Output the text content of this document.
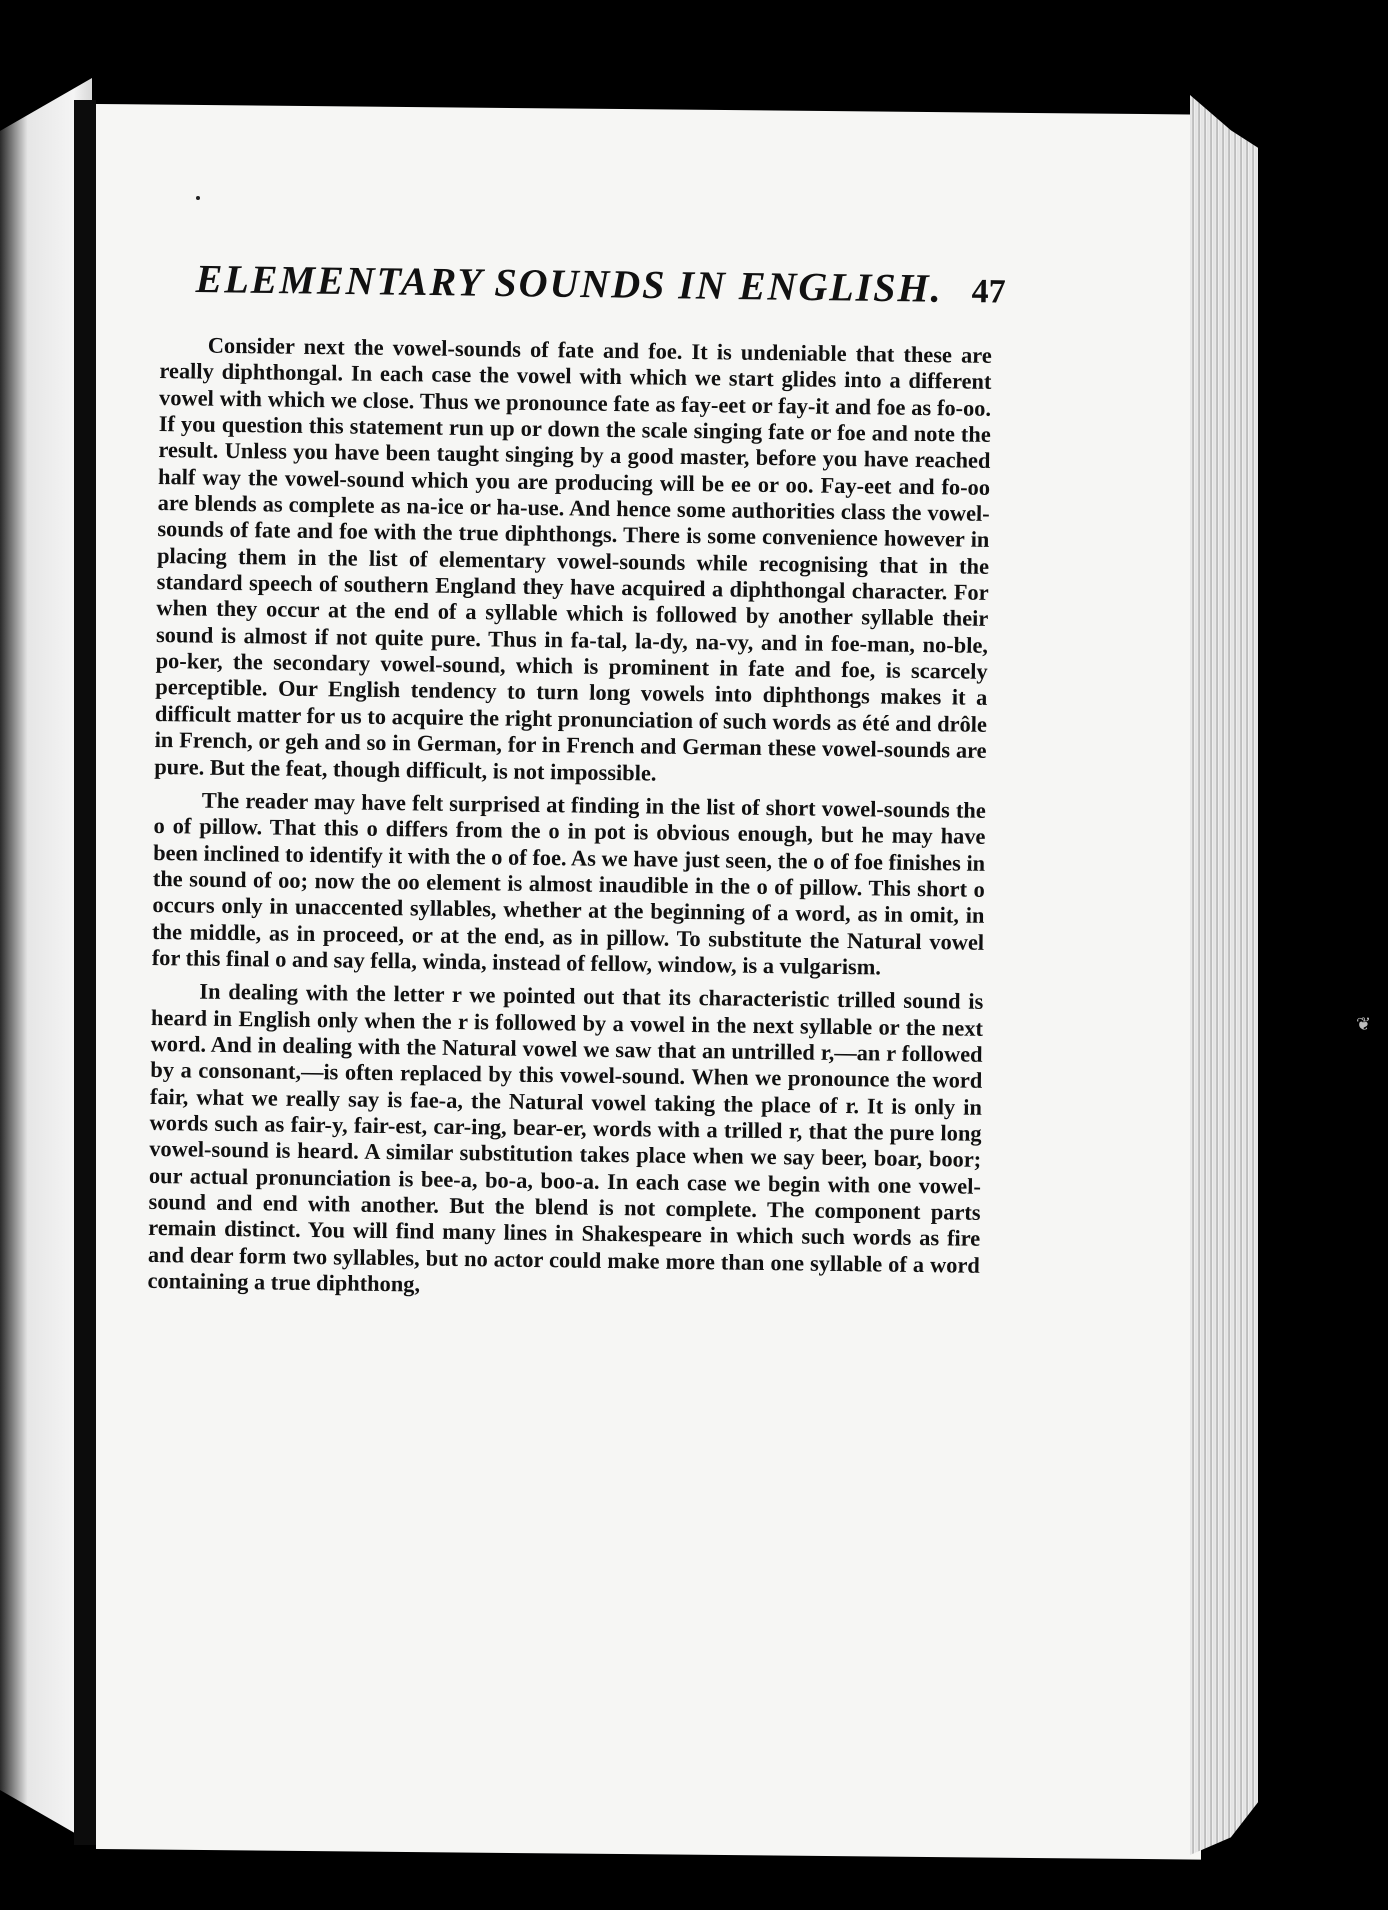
❦
ELEMENTARY SOUNDS IN ENGLISH. 47

Consider next the vowel-sounds of fate and foe. It is undeniable that these are really diphthongal. In each case the vowel with which we start glides into a different vowel with which we close. Thus we pronounce fate as fay-eet or fay-it and foe as fo-oo. If you question this statement run up or down the scale singing fate or foe and note the result. Unless you have been taught singing by a good master, before you have reached half way the vowel-sound which you are producing will be ee or oo. Fay-eet and fo-oo are blends as complete as na-ice or ha-use. And hence some authorities class the vowel-sounds of fate and foe with the true diphthongs. There is some convenience however in placing them in the list of elementary vowel-sounds while recognising that in the standard speech of southern England they have acquired a diphthongal character. For when they occur at the end of a syllable which is followed by another syllable their sound is almost if not quite pure. Thus in fa-tal, la-dy, na-vy, and in foe-man, no-ble, po-ker, the secondary vowel-sound, which is prominent in fate and foe, is scarcely perceptible. Our English tendency to turn long vowels into diphthongs makes it a difficult matter for us to acquire the right pronunciation of such words as été and drôle in French, or geh and so in German, for in French and German these vowel-sounds are pure. But the feat, though difficult, is not impossible.

The reader may have felt surprised at finding in the list of short vowel-sounds the o of pillow. That this o differs from the o in pot is obvious enough, but he may have been inclined to identify it with the o of foe. As we have just seen, the o of foe finishes in the sound of oo; now the oo element is almost inaudible in the o of pillow. This short o occurs only in unaccented syllables, whether at the beginning of a word, as in omit, in the middle, as in proceed, or at the end, as in pillow. To substitute the Natural vowel for this final o and say fella, winda, instead of fellow, window, is a vulgarism.

In dealing with the letter r we pointed out that its characteristic trilled sound is heard in English only when the r is followed by a vowel in the next syllable or the next word. And in dealing with the Natural vowel we saw that an untrilled r,—an r followed by a consonant,—is often replaced by this vowel-sound. When we pronounce the word fair, what we really say is fae-a, the Natural vowel taking the place of r. It is only in words such as fair-y, fair-est, car-ing, bear-er, words with a trilled r, that the pure long vowel-sound is heard. A similar substitution takes place when we say beer, boar, boor; our actual pronunciation is bee-a, bo-a, boo-a. In each case we begin with one vowel-sound and end with another. But the blend is not complete. The component parts remain distinct. You will find many lines in Shakespeare in which such words as fire and dear form two syllables, but no actor could make more than one syllable of a word containing a true diphthong,
